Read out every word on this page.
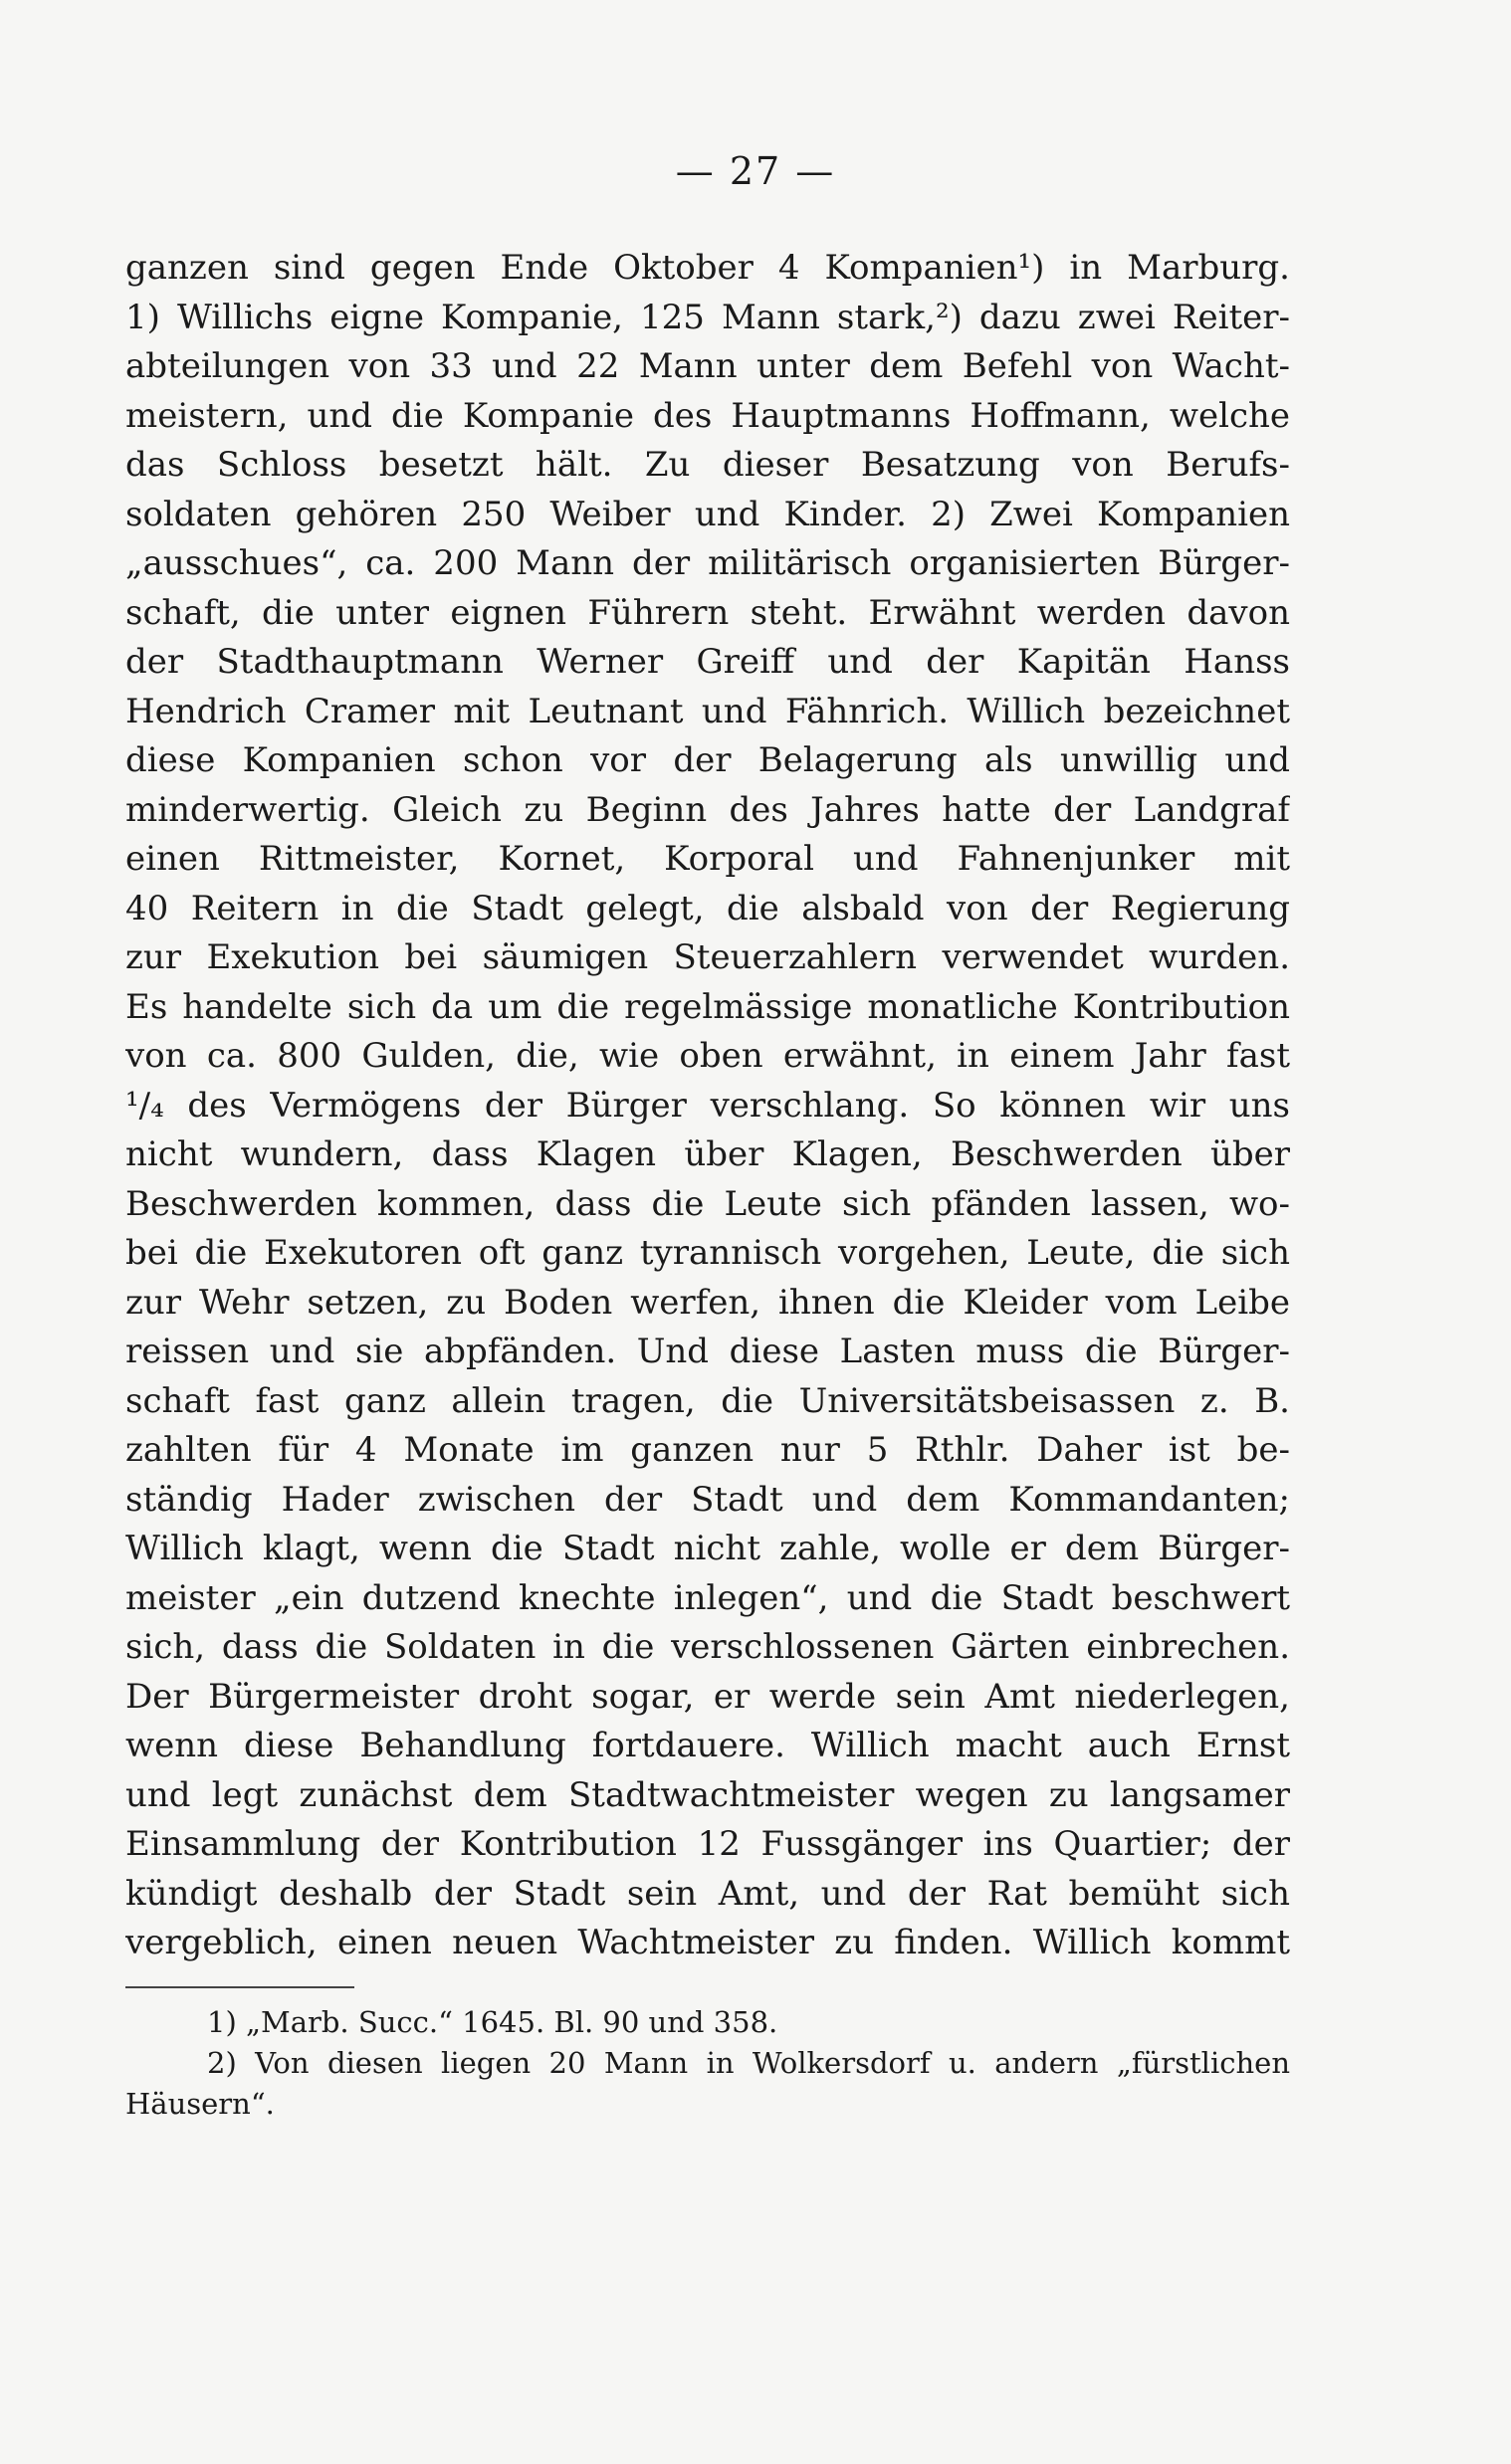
— 27 —
ganzen sind gegen Ende Oktober 4 Kompanien¹) in Marburg.
1) Willichs eigne Kompanie, 125 Mann stark,²) dazu zwei Reiter-
abteilungen von 33 und 22 Mann unter dem Befehl von Wacht-
meistern, und die Kompanie des Hauptmanns Hoffmann, welche
das Schloss besetzt hält. Zu dieser Besatzung von Berufs-
soldaten gehören 250 Weiber und Kinder. 2) Zwei Kompanien
„ausschues“, ca. 200 Mann der militärisch organisierten Bürger-
schaft, die unter eignen Führern steht. Erwähnt werden davon
der Stadthauptmann Werner Greiff und der Kapitän Hanss
Hendrich Cramer mit Leutnant und Fähnrich. Willich bezeichnet
diese Kompanien schon vor der Belagerung als unwillig und
minderwertig. Gleich zu Beginn des Jahres hatte der Landgraf
einen Rittmeister, Kornet, Korporal und Fahnenjunker mit
40 Reitern in die Stadt gelegt, die alsbald von der Regierung
zur Exekution bei säumigen Steuerzahlern verwendet wurden.
Es handelte sich da um die regelmässige monatliche Kontribution
von ca. 800 Gulden, die, wie oben erwähnt, in einem Jahr fast
¹/₄ des Vermögens der Bürger verschlang. So können wir uns
nicht wundern, dass Klagen über Klagen, Beschwerden über
Beschwerden kommen, dass die Leute sich pfänden lassen, wo-
bei die Exekutoren oft ganz tyrannisch vorgehen, Leute, die sich
zur Wehr setzen, zu Boden werfen, ihnen die Kleider vom Leibe
reissen und sie abpfänden. Und diese Lasten muss die Bürger-
schaft fast ganz allein tragen, die Universitätsbeisassen z. B.
zahlten für 4 Monate im ganzen nur 5 Rthlr. Daher ist be-
ständig Hader zwischen der Stadt und dem Kommandanten;
Willich klagt, wenn die Stadt nicht zahle, wolle er dem Bürger-
meister „ein dutzend knechte inlegen“, und die Stadt beschwert
sich, dass die Soldaten in die verschlossenen Gärten einbrechen.
Der Bürgermeister droht sogar, er werde sein Amt niederlegen,
wenn diese Behandlung fortdauere. Willich macht auch Ernst
und legt zunächst dem Stadtwachtmeister wegen zu langsamer
Einsammlung der Kontribution 12 Fussgänger ins Quartier; der
kündigt deshalb der Stadt sein Amt, und der Rat bemüht sich
vergeblich, einen neuen Wachtmeister zu finden. Willich kommt
1) „Marb. Succ.“ 1645. Bl. 90 und 358.
2) Von diesen liegen 20 Mann in Wolkersdorf u. andern „fürstlichen
Häusern“.
